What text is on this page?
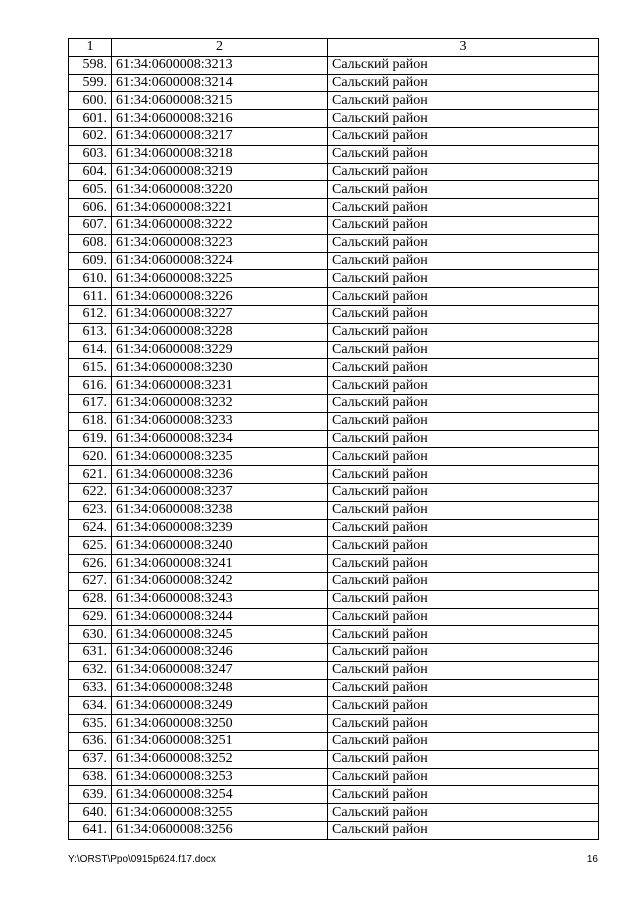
1	2	3
598.	61:34:0600008:3213	Сальский район
599.	61:34:0600008:3214	Сальский район
600.	61:34:0600008:3215	Сальский район
601.	61:34:0600008:3216	Сальский район
602.	61:34:0600008:3217	Сальский район
603.	61:34:0600008:3218	Сальский район
604.	61:34:0600008:3219	Сальский район
605.	61:34:0600008:3220	Сальский район
606.	61:34:0600008:3221	Сальский район
607.	61:34:0600008:3222	Сальский район
608.	61:34:0600008:3223	Сальский район
609.	61:34:0600008:3224	Сальский район
610.	61:34:0600008:3225	Сальский район
611.	61:34:0600008:3226	Сальский район
612.	61:34:0600008:3227	Сальский район
613.	61:34:0600008:3228	Сальский район
614.	61:34:0600008:3229	Сальский район
615.	61:34:0600008:3230	Сальский район
616.	61:34:0600008:3231	Сальский район
617.	61:34:0600008:3232	Сальский район
618.	61:34:0600008:3233	Сальский район
619.	61:34:0600008:3234	Сальский район
620.	61:34:0600008:3235	Сальский район
621.	61:34:0600008:3236	Сальский район
622.	61:34:0600008:3237	Сальский район
623.	61:34:0600008:3238	Сальский район
624.	61:34:0600008:3239	Сальский район
625.	61:34:0600008:3240	Сальский район
626.	61:34:0600008:3241	Сальский район
627.	61:34:0600008:3242	Сальский район
628.	61:34:0600008:3243	Сальский район
629.	61:34:0600008:3244	Сальский район
630.	61:34:0600008:3245	Сальский район
631.	61:34:0600008:3246	Сальский район
632.	61:34:0600008:3247	Сальский район
633.	61:34:0600008:3248	Сальский район
634.	61:34:0600008:3249	Сальский район
635.	61:34:0600008:3250	Сальский район
636.	61:34:0600008:3251	Сальский район
637.	61:34:0600008:3252	Сальский район
638.	61:34:0600008:3253	Сальский район
639.	61:34:0600008:3254	Сальский район
640.	61:34:0600008:3255	Сальский район
641.	61:34:0600008:3256	Сальский район
Y:\ORST\Ppo\0915p624.f17.docx	16
